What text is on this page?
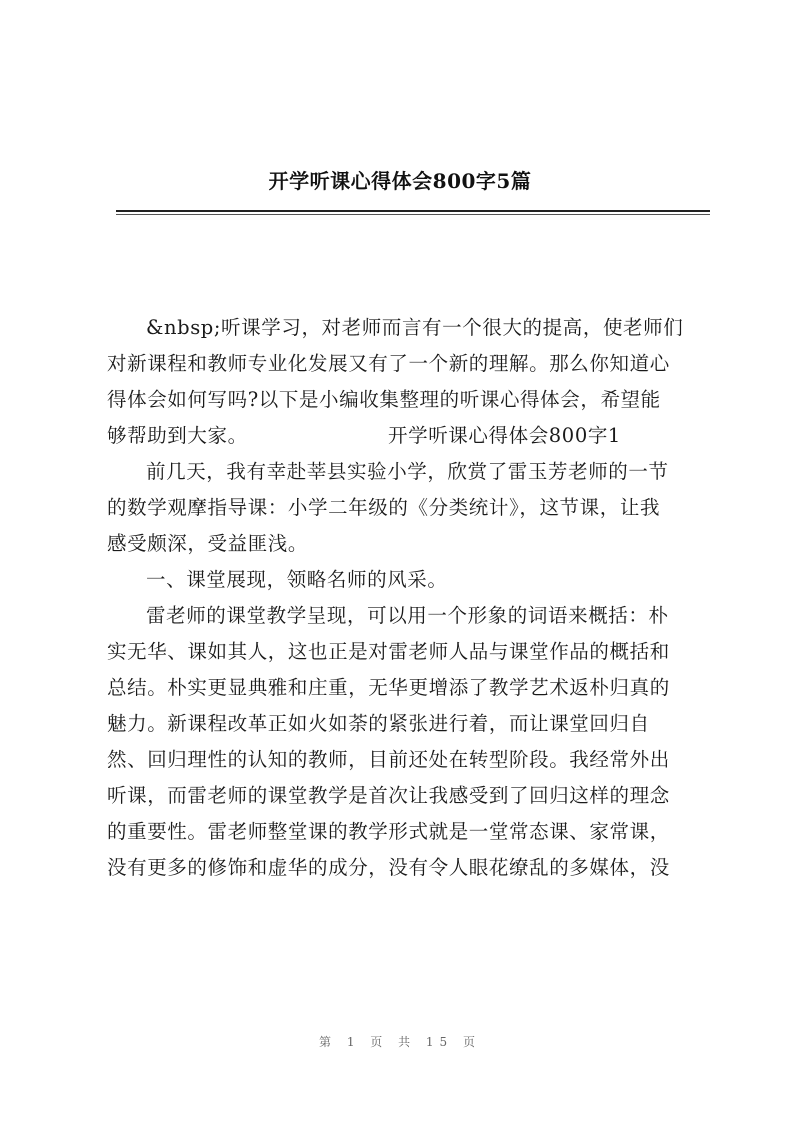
开学听课心得体会800字5篇
&nbsp;听课学习，对老师而言有一个很大的提高，使老师们
对新课程和教师专业化发展又有了一个新的理解。那么你知道心
得体会如何写吗?以下是小编收集整理的听课心得体会，希望能
够帮助到大家。	开学听课心得体会800字1
前几天，我有幸赴莘县实验小学，欣赏了雷玉芳老师的一节
的数学观摩指导课：小学二年级的《分类统计》，这节课，让我
感受颇深，受益匪浅。
一、课堂展现，领略名师的风采。
雷老师的课堂教学呈现，可以用一个形象的词语来概括：朴
实无华、课如其人，这也正是对雷老师人品与课堂作品的概括和
总结。朴实更显典雅和庄重，无华更增添了教学艺术返朴归真的
魅力。新课程改革正如火如荼的紧张进行着，而让课堂回归自
然、回归理性的认知的教师，目前还处在转型阶段。我经常外出
听课，而雷老师的课堂教学是首次让我感受到了回归这样的理念
的重要性。雷老师整堂课的教学形式就是一堂常态课、家常课，
没有更多的修饰和虚华的成分，没有令人眼花缭乱的多媒体，没
第 1 页 共 15 页
